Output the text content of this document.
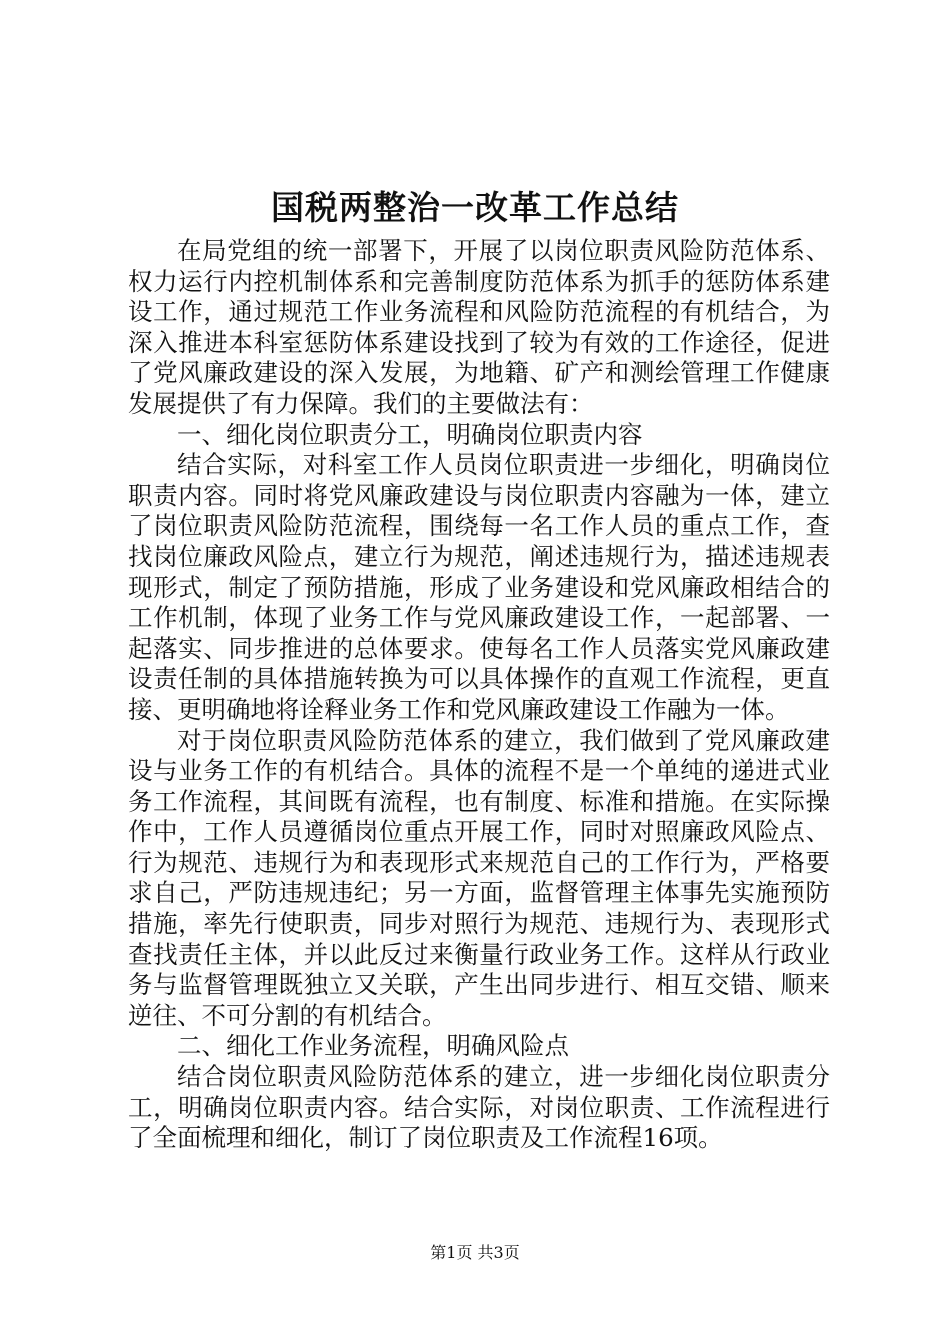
国税两整治一改革工作总结

在局党组的统一部署下，开展了以岗位职责风险防范体系、权力运行内控机制体系和完善制度防范体系为抓手的惩防体系建设工作，通过规范工作业务流程和风险防范流程的有机结合，为深入推进本科室惩防体系建设找到了较为有效的工作途径，促进了党风廉政建设的深入发展，为地籍、矿产和测绘管理工作健康发展提供了有力保障。我们的主要做法有：

一、细化岗位职责分工，明确岗位职责内容

结合实际，对科室工作人员岗位职责进一步细化，明确岗位职责内容。同时将党风廉政建设与岗位职责内容融为一体，建立了岗位职责风险防范流程，围绕每一名工作人员的重点工作，查找岗位廉政风险点，建立行为规范，阐述违规行为，描述违规表现形式，制定了预防措施，形成了业务建设和党风廉政相结合的工作机制，体现了业务工作与党风廉政建设工作，一起部署、一起落实、同步推进的总体要求。使每名工作人员落实党风廉政建设责任制的具体措施转换为可以具体操作的直观工作流程，更直接、更明确地将诠释业务工作和党风廉政建设工作融为一体。

对于岗位职责风险防范体系的建立，我们做到了党风廉政建设与业务工作的有机结合。具体的流程不是一个单纯的递进式业务工作流程，其间既有流程，也有制度、标准和措施。在实际操作中，工作人员遵循岗位重点开展工作，同时对照廉政风险点、行为规范、违规行为和表现形式来规范自己的工作行为，严格要求自己，严防违规违纪；另一方面，监督管理主体事先实施预防措施，率先行使职责，同步对照行为规范、违规行为、表现形式查找责任主体，并以此反过来衡量行政业务工作。这样从行政业务与监督管理既独立又关联，产生出同步进行、相互交错、顺来逆往、不可分割的有机结合。

二、细化工作业务流程，明确风险点

结合岗位职责风险防范体系的建立，进一步细化岗位职责分工，明确岗位职责内容。结合实际，对岗位职责、工作流程进行了全面梳理和细化，制订了岗位职责及工作流程16项。

第1页 共3页
